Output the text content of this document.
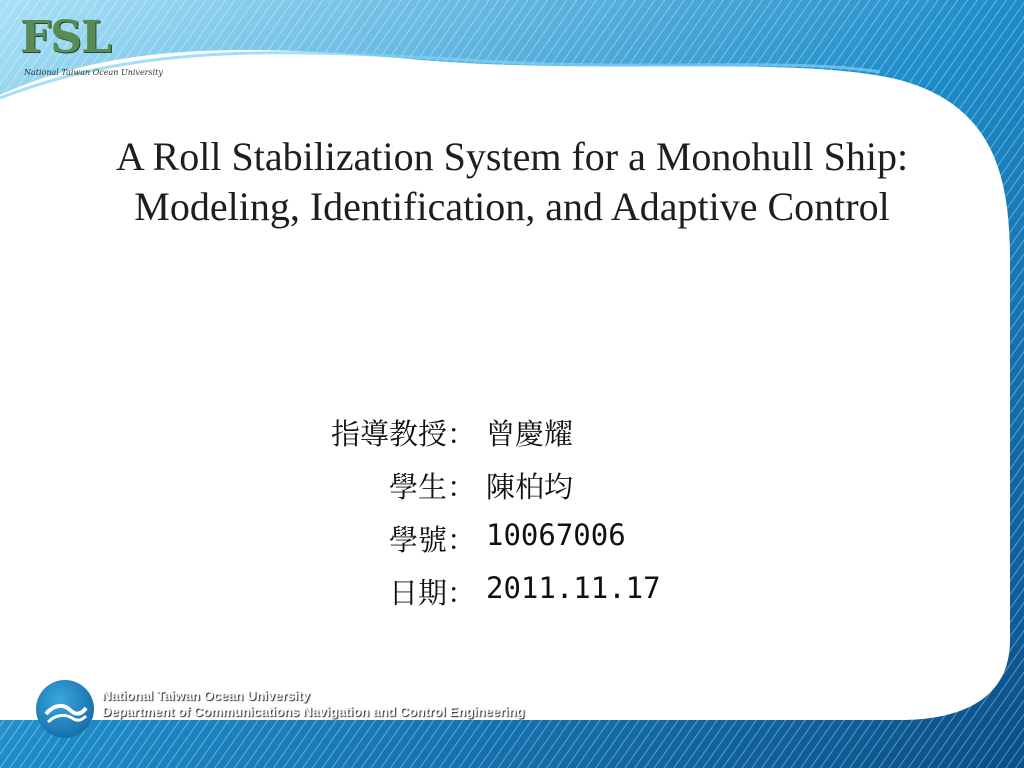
FSL
National Taiwan Ocean University
A Roll Stabilization System for a Monohull Ship:
Modeling, Identification, and Adaptive Control
指導教授： 曾慶耀
學生： 陳柏均
學號： 10067006
日期： 2011.11.17
National Taiwan Ocean University
Department of Communications Navigation and Control Engineering
